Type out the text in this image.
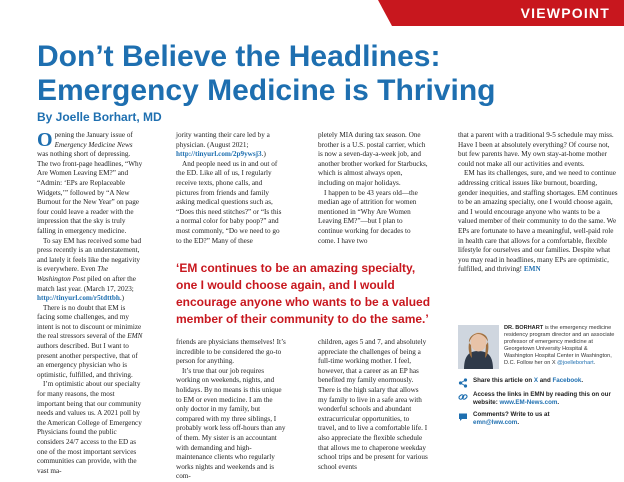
VIEWPOINT
Don’t Believe the Headlines:
Emergency Medicine is Thriving
By Joelle Borhart, MD

Opening the January issue of Emergency Medicine News was nothing short of depressing. The two front-page headlines, “Why Are Women Leaving EM?” and “Admin: ‘EPs are Replaceable Widgets,’” followed by “A New Burnout for the New Year” on page four could leave a reader with the impression that the sky is truly falling in emergency medicine.

To say EM has received some bad press recently is an understatement, and lately it feels like the negativity is everywhere. Even The Washington Post piled on after the match last year. (March 17, 2023; http://tinyurl.com/r5tdttbh.)

There is no doubt that EM is facing some challenges, and my intent is not to discount or minimize the real stressors several of the EMN authors described. But I want to present another perspective, that of an emergency physician who is optimistic, fulfilled, and thriving.

I’m optimistic about our specialty for many reasons, the most important being that our community needs and values us. A 2021 poll by the American College of Emergency Physicians found the public considers 24/7 access to the ED as one of the most important services communities can provide, with the vast ma-

jority wanting their care led by a physician. (August 2021; http://tinyurl.com/2p9ywsj3.)

And people need us in and out of the ED. Like all of us, I regularly receive texts, phone calls, and pictures from friends and family asking medical questions such as, “Does this need stitches?” or “Is this a normal color for baby poop?” and most commonly, “Do we need to go to the ED?” Many of these

friends are physicians themselves! It’s incredible to be considered the go-to person for anything.

It’s true that our job requires working on weekends, nights, and holidays. By no means is this unique to EM or even medicine. I am the only doctor in my family, but compared with my three siblings, I probably work less off-hours than any of them. My sister is an accountant with demanding and high-maintenance clients who regularly works nights and weekends and is com-

pletely MIA during tax season. One brother is a U.S. postal carrier, which is now a seven-day-a-week job, and another brother worked for Starbucks, which is almost always open, including on major holidays.

I happen to be 43 years old—the median age of attrition for women mentioned in “Why Are Women Leaving EM?”—but I plan to continue working for decades to come. I have two

children, ages 5 and 7, and absolutely appreciate the challenges of being a full-time working mother. I feel, however, that a career as an EP has benefited my family enormously. There is the high salary that allows my family to live in a safe area with wonderful schools and abundant extracurricular opportunities, to travel, and to live a comfortable life. I also appreciate the flexible schedule that allows me to chaperone weekday school trips and be present for various school events

‘EM continues to be an amazing specialty,
one I would choose again, and I would
encourage anyone who wants to be a valued
member of their community to do the same.’

that a parent with a traditional 9-5 schedule may miss. Have I been at absolutely everything? Of course not, but few parents have. My own stay-at-home mother could not make all our activities and events.

EM has its challenges, sure, and we need to continue addressing critical issues like burnout, boarding, gender inequities, and staffing shortages. EM continues to be an amazing specialty, one I would choose again, and I would encourage anyone who wants to be a valued member of their community to do the same. We EPs are fortunate to have a meaningful, well-paid role in health care that allows for a comfortable, flexible lifestyle for ourselves and our families. Despite what you may read in headlines, many EPs are optimistic, fulfilled, and thriving! EMN

DR. BORHART is the emergency medicine residency program director and an associate professor of emergency medicine at Georgetown University Hospital & Washington Hospital Center in Washington, D.C. Follow her on X @joelleborhart.
Share this article on X and Facebook.
Access the links in EMN by reading this on our website: www.EM-News.com.
Comments? Write to us at
emn@lww.com.
